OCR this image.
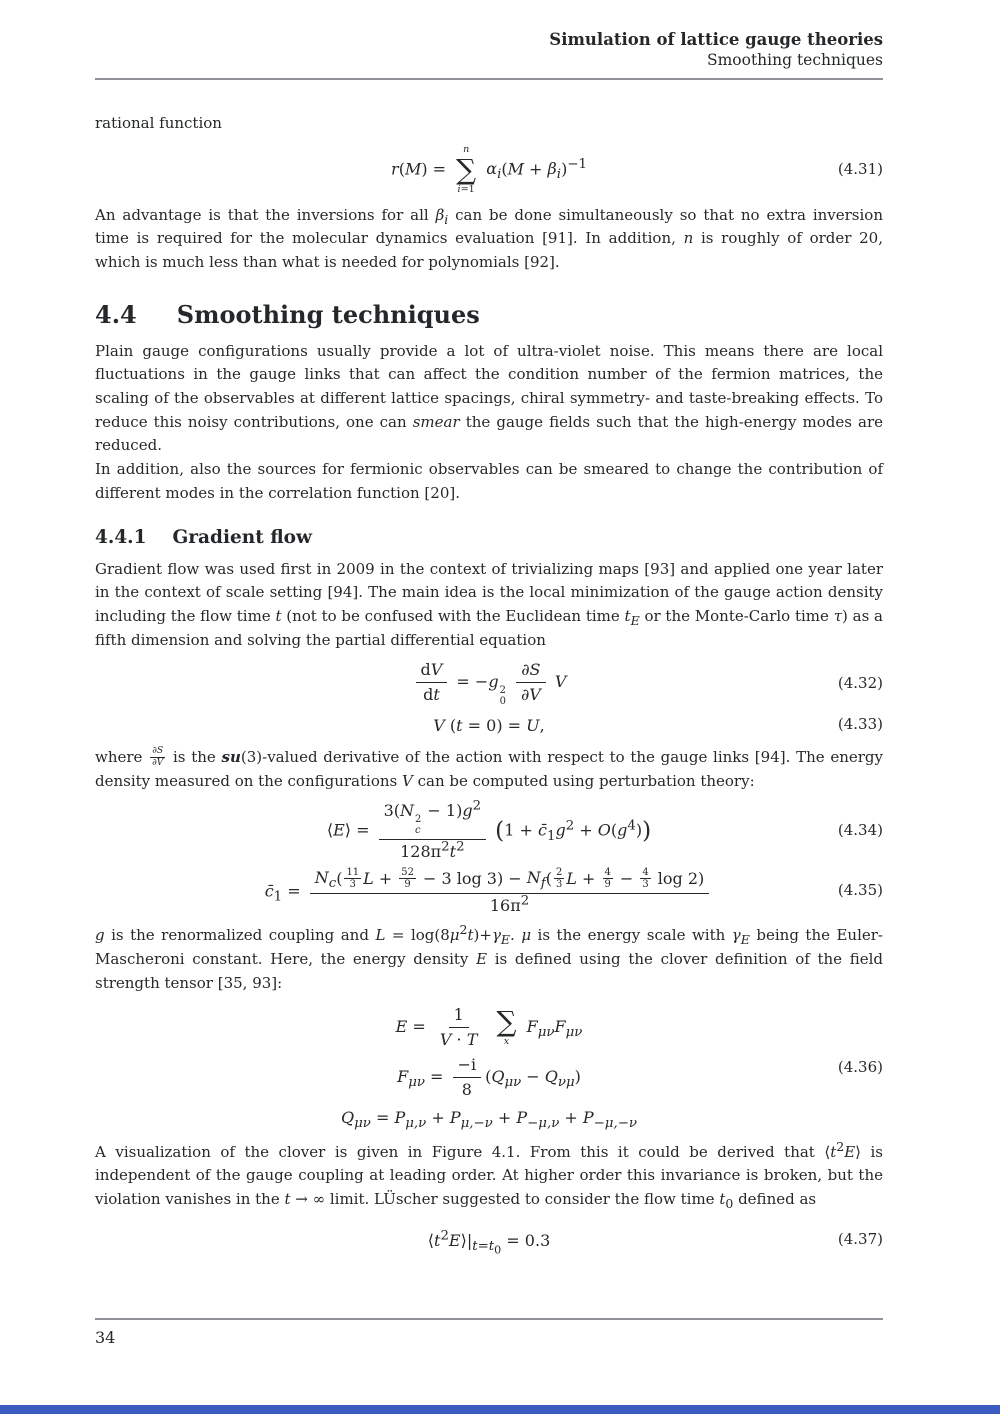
Simulation of lattice gauge theories
Smoothing techniques

rational function

r(M) =
n
∑
i=1
$\alpha_i(M + \beta_i)^{-1}$	(4.31)

An advantage is that the inversions for all $\beta_i$ can be done simultaneously so that no extra inversion time is required for the molecular dynamics evaluation [91]. In addition, n is roughly of order 20, which is much less than what is needed for polynomials [92].

4.4 Smoothing techniques

Plain gauge configurations usually provide a lot of ultra-violet noise. This means there are local fluctuations in the gauge links that can affect the condition number of the fermion matrices, the scaling of the observables at different lattice spacings, chiral symmetry- and taste-breaking effects. To reduce this noisy contributions, one can smear the gauge fields such that the high-energy modes are reduced.

In addition, also the sources for fermionic observables can be smeared to change the contribution of different modes in the correlation function [20].

4.4.1 Gradient flow

Gradient flow was used first in 2009 in the context of trivializing maps [93] and applied one year later in the context of scale setting [94]. The main idea is the local minimization of the gauge action density including the flow time t (not to be confused with the Euclidean time $t_E$ or the Monte-Carlo time τ) as a fifth dimension and solving the partial differential equation

$\frac{dV}{dt} = -g$ 2
0
$\frac{\partial S}{\partial V}$ V	(4.32)
V (t = 0) = U,	(4.33)

where $\frac{\partial S}{\partial V}$ is the su(3)-valued derivative of the action with respect to the gauge links [94]. The energy density measured on the configurations V can be computed using perturbation theory:

⟨E⟩ = 3(N 2
c
− $1)g^2$
$128\pi^2t^2$ $(1 + c̄_1g^2 + O(g^4))$	(4.34)
$c̄_1 = \frac{N_c( \frac{11}{3} L + \frac{52}{9} - 3 \log 3) - N_f( \frac{2}{3} L + \frac{4}{9} - \frac{4}{3} \log 2)}{16\pi^2}$	(4.35)

g is the renormalized coupling and $L = \log(8\mu^2t)+\gamma_E$. μ is the energy scale with $\gamma_E$ being the Euler-Mascheroni constant. Here, the energy density E is defined using the clover definition of the field strength tensor [35, 93]:

$E = \frac{1}{V \cdot T}$
∑
x
$F_{\mu\nu}F_{\mu\nu}$
$F_{\mu\nu} = \frac{-i}{8} (Q_{\mu\nu} - Q_{\nu\mu})$
$Q_{\mu\nu} = P_{\mu,\nu} + P_{\mu,-\nu} + P_{-\mu,\nu} + P_{-\mu,-\nu}$
(4.36)

A visualization of the clover is given in Figure 4.1. From this it could be derived that $⟨t^2E⟩$ is independent of the gauge coupling at leading order. At higher order this invariance is broken, but the violation vanishes in the t → ∞ limit. LÜscher suggested to consider the flow time $t_0$ defined as

$⟨t^2E⟩|_{t=t_0} = 0.3$	(4.37)
34
